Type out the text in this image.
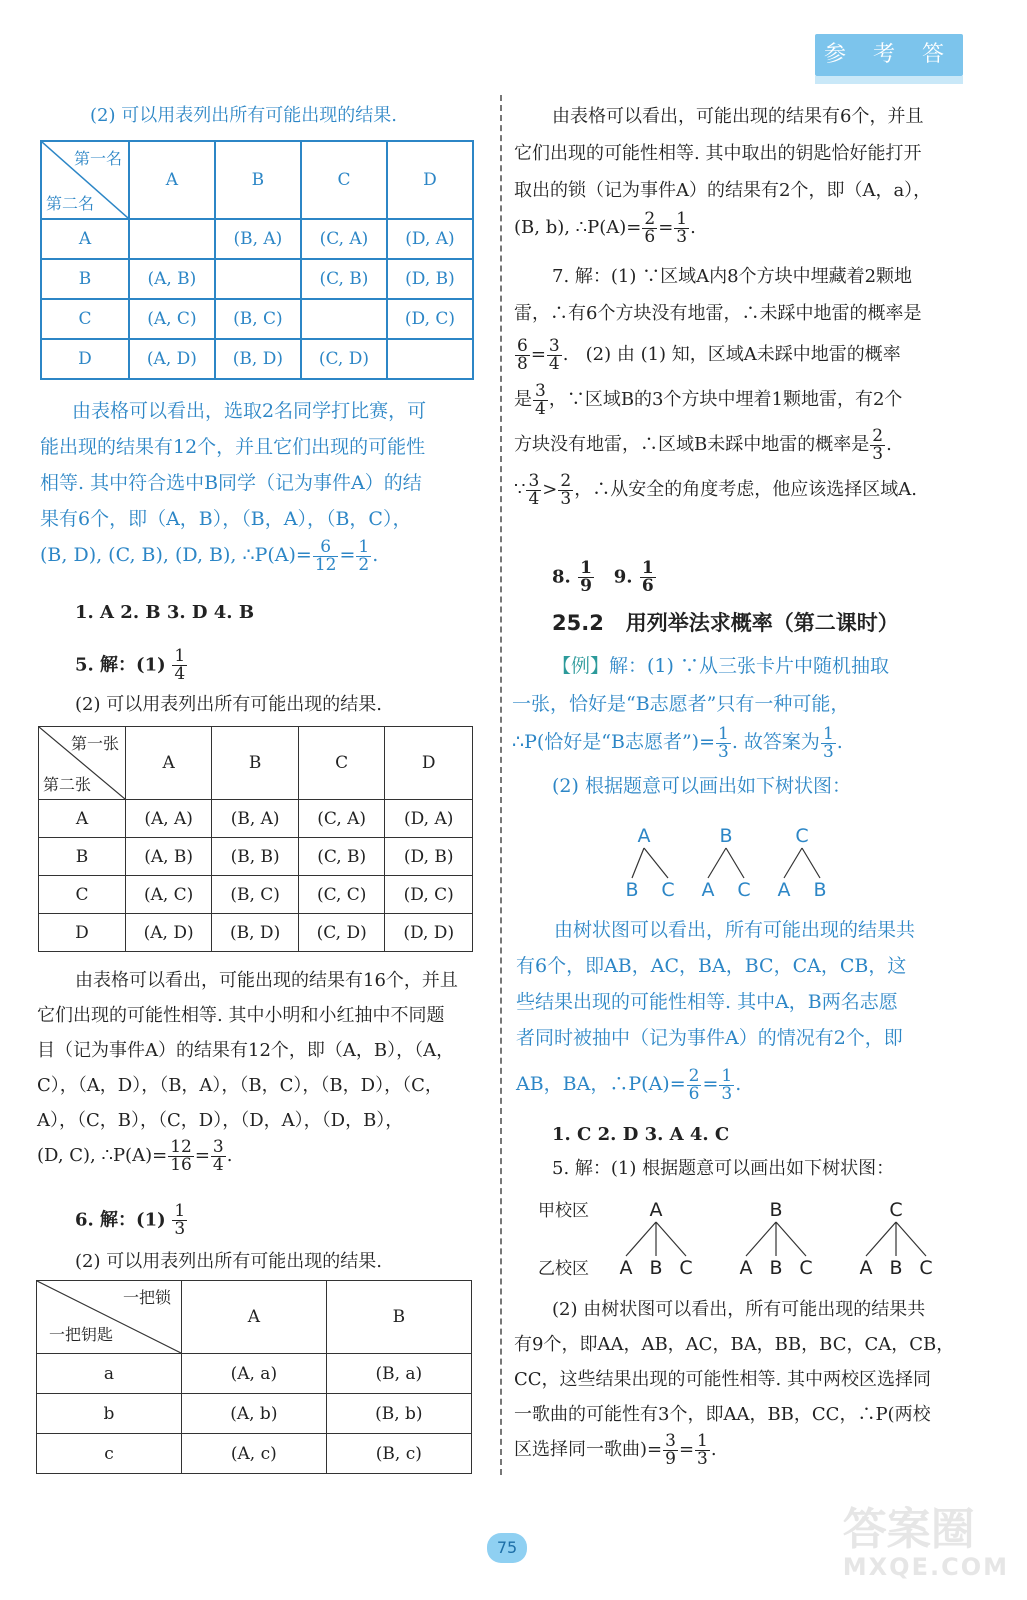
参 考 答 案
(2) 可以用表列出所有可能出现的结果.
第一名
第二名	A	B	C	D
A		(B, A)	(C, A)	(D, A)
B	(A, B)		(C, B)	(D, B)
C	(A, C)	(B, C)		(D, C)
D	(A, D)	(B, D)	(C, D)	
由表格可以看出，选取2名同学打比赛，可
能出现的结果有12个，并且它们出现的可能性
相等. 其中符合选中B同学（记为事件A）的结
果有6个，即（A，B），（B，A），（B，C），
(B, D), (C, B), (D, B), ∴P(A)= $\frac{6}{12} = \frac{1}{2}$ .
1. A 2. B 3. D 4. B
5. 解：$(1) \frac{1}{4}$
(2) 可以用表列出所有可能出现的结果.
第一张
第二张	A	B	C	D
A	(A, A)	(B, A)	(C, A)	(D, A)
B	(A, B)	(B, B)	(C, B)	(D, B)
C	(A, C)	(B, C)	(C, C)	(D, C)
D	(A, D)	(B, D)	(C, D)	(D, D)
由表格可以看出，可能出现的结果有16个，并且
它们出现的可能性相等. 其中小明和小红抽中不同题
目（记为事件A）的结果有12个，即（A，B），（A，
C），（A，D），（B，A），（B，C），（B，D），（C，
A），（C，B），（C，D），（D，A），（D，B），
(D, C), ∴P(A)= $\frac{12}{16} = \frac{3}{4}$ .
6. 解：$(1) \frac{1}{3}$
(2) 可以用表列出所有可能出现的结果.
一把锁
一把钥匙	A	B
a	(A, a)	(B, a)
b	(A, b)	(B, b)
c	(A, c)	(B, c)
由表格可以看出，可能出现的结果有6个，并且
它们出现的可能性相等. 其中取出的钥匙恰好能打开
取出的锁（记为事件A）的结果有2个，即（A，a），
(B, b), ∴P(A)= $\frac{2}{6} = \frac{1}{3}$ .
7. 解：(1) ∵区域A内8个方块中埋藏着2颗地
雷，∴有6个方块没有地雷，∴未踩中地雷的概率是
$\frac{6}{8} = \frac{3}{4}$ .   (2) 由 (1) 知，区域A未踩中地雷的概率
是 $\frac{3}{4}$ ，∵区域B的3个方块中埋着1颗地雷，有2个
方块没有地雷，∴区域B未踩中地雷的概率是 $\frac{2}{3}$ .
∵ $\frac{3}{4} > \frac{2}{3}$ ，∴从安全的角度考虑，他应该选择区域A.
8. $\frac{1}{9} 9$. $\frac{1}{6}$
25.2 用列举法求概率（第二课时）
【例】解：(1) ∵从三张卡片中随机抽取
一张，恰好是“B志愿者”只有一种可能，
∴P(恰好是“B志愿者”)= $\frac{1}{3}$ . 故答案为 $\frac{1}{3}$ .
(2) 根据题意可以画出如下树状图：
A	B	C
B C A C A B
由树状图可以看出，所有可能出现的结果共
有6个，即AB，AC，BA，BC，CA，CB，这
些结果出现的可能性相等. 其中A，B两名志愿
者同时被抽中（记为事件A）的情况有2个，即
AB，BA，∴P(A)= $\frac{2}{6} = \frac{1}{3}$ .
1. C 2. D 3. A 4. C
5. 解：(1) 根据题意可以画出如下树状图：
甲校区
乙校区
A	B	C
A B C A B C A B C
(2) 由树状图可以看出，所有可能出现的结果共
有9个，即AA，AB，AC，BA，BB，BC，CA，CB，
CC，这些结果出现的可能性相等. 其中两校区选择同
一歌曲的可能性有3个，即AA，BB，CC，∴P(两校
区选择同一歌曲)= $\frac{3}{9} = \frac{1}{3}$ .
75	答案圈
MXQE.COM
